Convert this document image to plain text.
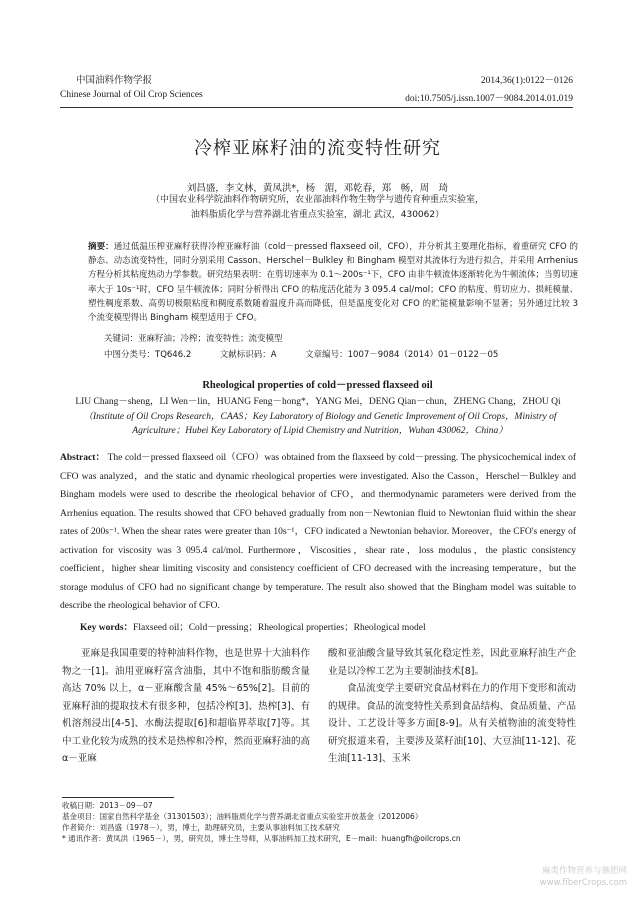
中国油料作物学报
Chinese Journal of Oil Crop Sciences
2014,36(1):0122－0126
doi:10.7505/j.issn.1007－9084.2014.01.019
冷榨亚麻籽油的流变特性研究
刘昌盛，李文林，黄凤洪*，杨　湄，邓乾春，郑　畅，周　琦
（中国农业科学院油料作物研究所，农业部油料作物生物学与遗传育种重点实验室，
油料脂质化学与营养湖北省重点实验室，湖北 武汉，430062）
摘要：通过低温压榨亚麻籽获得冷榨亚麻籽油（cold－pressed flaxseed oil，CFO），并分析其主要理化指标，着重研究 CFO 的静态、动态流变特性，同时分别采用 Casson、Herschel－Bulkley 和 Bingham 模型对其流体行为进行拟合，并采用 Arrhenius 方程分析其粘度热动力学参数。研究结果表明：在剪切速率为 0.1～200s⁻¹下，CFO 由非牛顿流体逐渐转化为牛顿流体；当剪切速率大于 10s⁻¹时，CFO 呈牛顿流体；同时分析得出 CFO 的粘度活化能为 3 095.4 cal/mol；CFO 的粘度、剪切应力、损耗模量、塑性稠度系数、高剪切极限粘度和稠度系数随着温度升高而降低，但是温度变化对 CFO 的贮能模量影响不显著；另外通过比较 3 个流变模型得出 Bingham 模型适用于 CFO。
关键词：亚麻籽油；冷榨；流变特性；流变模型
中图分类号：TQ646.2	文献标识码：A	文章编号：1007－9084（2014）01－0122－05
Rheological properties of cold－pressed flaxseed oil
LIU Chang－sheng，LI Wen－lin，HUANG Feng－hong*，YANG Mei，DENG Qian－chun，ZHENG Chang，ZHOU Qi
（Institute of Oil Crops Research，CAAS；Key Laboratory of Biology and Genetic Improvement of Oil Crops，Ministry of Agriculture；Hubei Key Laboratory of Lipid Chemistry and Nutrition，Wuhan 430062，China）
Abstract： The cold－pressed flaxseed oil（CFO）was obtained from the flaxseed by cold－pressing. The physicochemical index of CFO was analyzed，and the static and dynamic rheological properties were investigated. Also the Casson，Herschel－Bulkley and Bingham models were used to describe the rheological behavior of CFO，and thermodynamic parameters were derived from the Arrhenius equation. The results showed that CFO behaved gradually from non－Newtonian fluid to Newtonian fluid within the shear rates of 200s⁻¹. When the shear rates were greater than 10s⁻¹，CFO indicated a Newtonian behavior. Moreover，the CFO's energy of activation for viscosity was 3 095.4 cal/mol. Furthermore，Viscosities，shear rate，loss modulus，the plastic consistency coefficient，higher shear limiting viscosity and consistency coefficient of CFO decreased with the increasing temperature，but the storage modulus of CFO had no significant change by temperature. The result also showed that the Bingham model was suitable to describe the rheological behavior of CFO.
Key words：Flaxseed oil；Cold－pressing；Rheological properties；Rheological model
亚麻是我国重要的特种油料作物，也是世界十大油料作物之一[1]。油用亚麻籽富含油脂，其中不饱和脂肪酸含量高达 70% 以上，α－亚麻酸含量 45%～65%[2]。目前的亚麻籽油的提取技术有很多种，包括冷榨[3]、热榨[3]、有机溶剂浸出[4-5]、水酶法提取[6]和超临界萃取[7]等。其中工业化较为成熟的技术是热榨和冷榨，然而亚麻籽油的高 α－亚麻

酸和亚油酸含量导致其氧化稳定性差，因此亚麻籽油生产企业是以冷榨工艺为主要制油技术[8]。

食品流变学主要研究食品材料在力的作用下变形和流动的规律。食品的流变特性关系到食品结构、食品质量、产品设计、工艺设计等多方面[8-9]。从有关植物油的流变特性研究报道来看，主要涉及菜籽油[10]、大豆油[11-12]、花生油[11-13]、玉米

收稿日期：2013－09－07
基金项目：国家自然科学基金（31301503）；油料脂质化学与营养湖北省重点实验室开放基金（2012006）
作者简介：刘昌盛（1978－），男，博士，助理研究员，主要从事油料加工技术研究
* 通讯作者：黄凤洪（1965－），男，研究员，博士生导师，从事油料加工技术研究，E－mail：huangfh@oilcrops.cn
麻类作物营养与施肥网
www.fiberCrops.com
